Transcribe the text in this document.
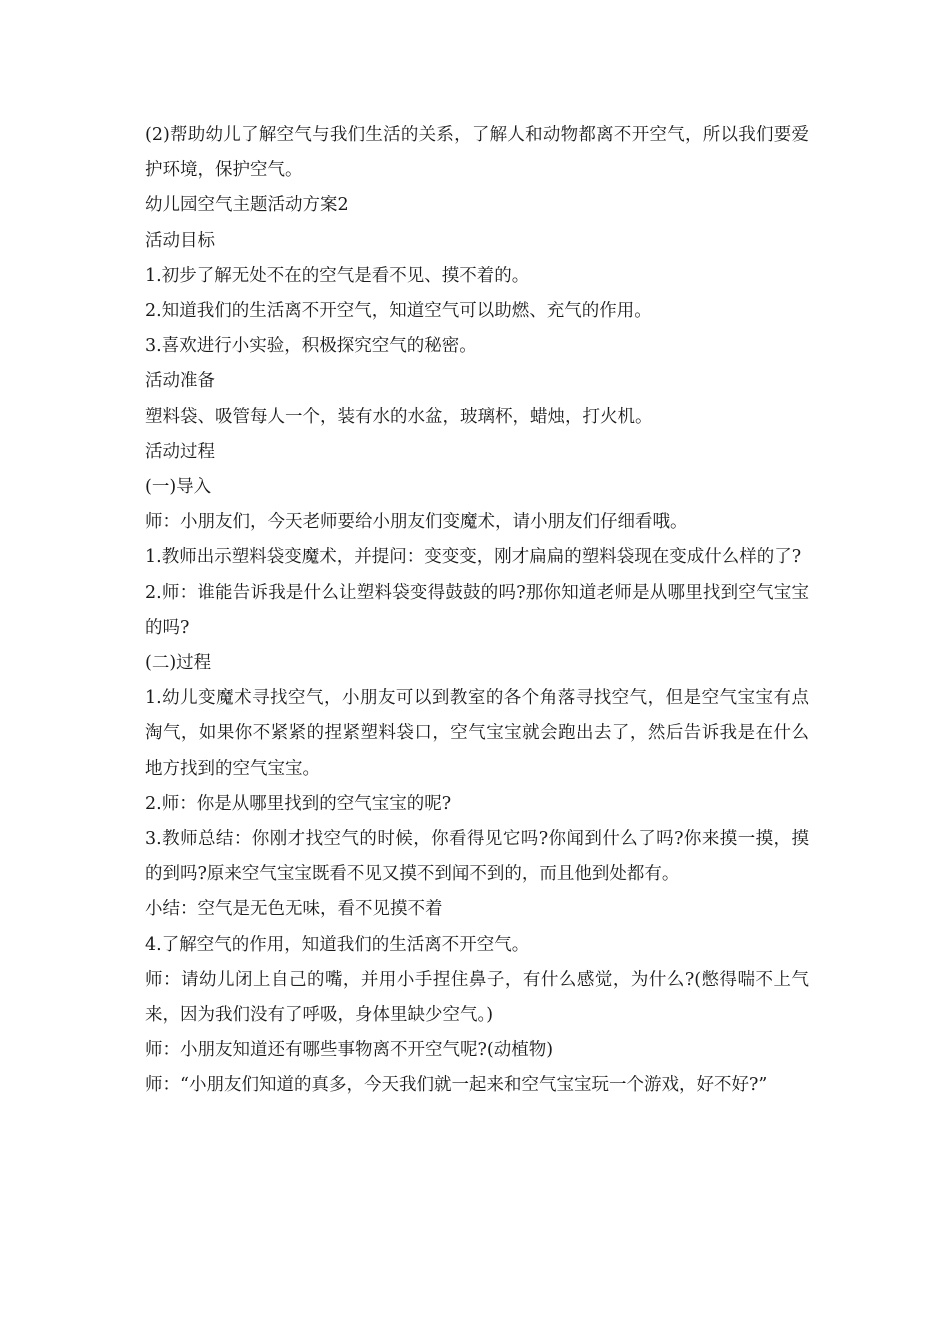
(2)帮助幼儿了解空气与我们生活的关系，了解人和动物都离不开空气，所以我们要爱护环境，保护空气。

幼儿园空气主题活动方案2

活动目标

1.初步了解无处不在的空气是看不见、摸不着的。

2.知道我们的生活离不开空气，知道空气可以助燃、充气的作用。

3.喜欢进行小实验，积极探究空气的秘密。

活动准备

塑料袋、吸管每人一个，装有水的水盆，玻璃杯，蜡烛，打火机。

活动过程

(一)导入

师：小朋友们，今天老师要给小朋友们变魔术，请小朋友们仔细看哦。

1.教师出示塑料袋变魔术，并提问：变变变，刚才扁扁的塑料袋现在变成什么样的了?

2.师：谁能告诉我是什么让塑料袋变得鼓鼓的吗?那你知道老师是从哪里找到空气宝宝的吗?

(二)过程

1.幼儿变魔术寻找空气，小朋友可以到教室的各个角落寻找空气，但是空气宝宝有点淘气，如果你不紧紧的捏紧塑料袋口，空气宝宝就会跑出去了，然后告诉我是在什么地方找到的空气宝宝。

2.师：你是从哪里找到的空气宝宝的呢?

3.教师总结：你刚才找空气的时候，你看得见它吗?你闻到什么了吗?你来摸一摸，摸的到吗?原来空气宝宝既看不见又摸不到闻不到的，而且他到处都有。

小结：空气是无色无味，看不见摸不着

4.了解空气的作用，知道我们的生活离不开空气。

师：请幼儿闭上自己的嘴，并用小手捏住鼻子，有什么感觉，为什么?(憋得喘不上气来，因为我们没有了呼吸，身体里缺少空气。)

师：小朋友知道还有哪些事物离不开空气呢?(动植物)

师：“小朋友们知道的真多，今天我们就一起来和空气宝宝玩一个游戏，好不好?”
